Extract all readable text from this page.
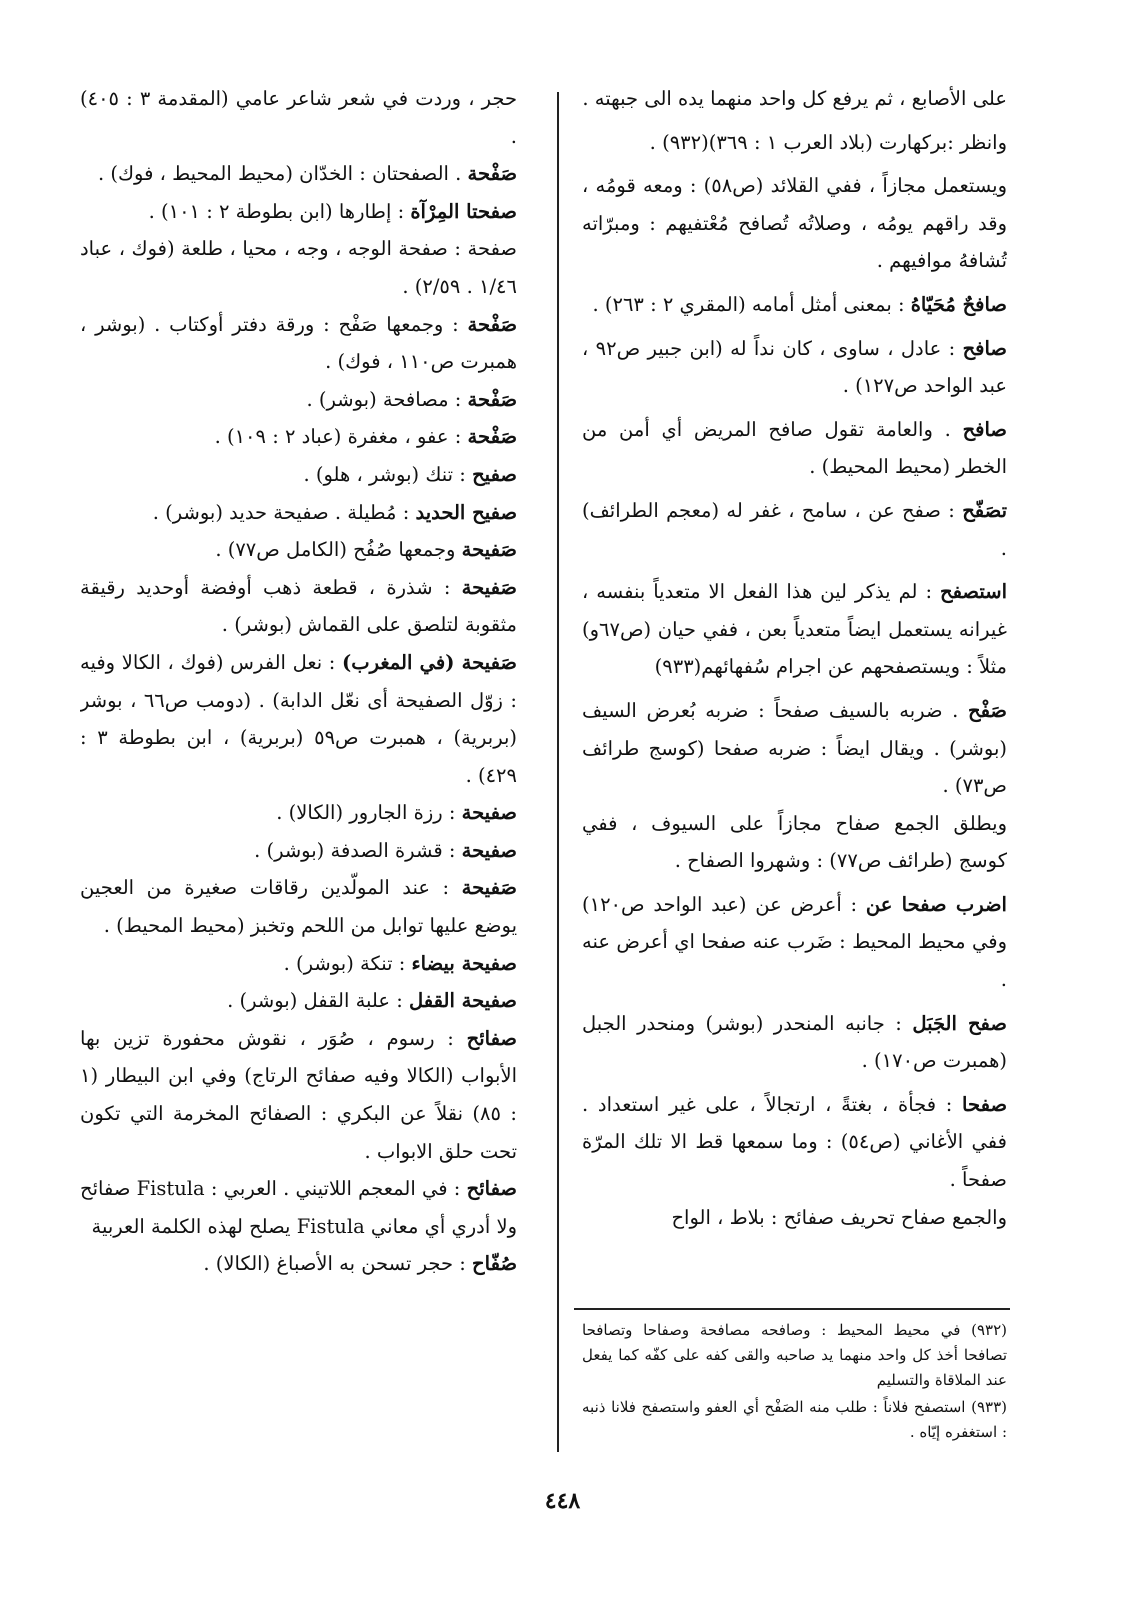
على الأصابع ، ثم يرفع كل واحد منهما يده الى جبهته .

وانظر :بركهارت (بلاد العرب ١ : ٣٦٩)(٩٣٢) .

ويستعمل مجازاً ، ففي القلائد (ص٥٨) : ومعه قومُه ، وقد راقهم يومُه ، وصلاتُه تُصافح مُعْتفيهم : ومبرّاته تُشافهُ موافيهم .

صافحٌ مُحَيّاهُ : بمعنى أمثل أمامه (المقري ٢ : ٢٦٣) .

صافح : عادل ، ساوى ، كان نداً له (ابن جبير ص٩٢ ، عبد الواحد ص١٢٧) .

صافح . والعامة تقول صافح المريض أي أمن من الخطر (محيط المحيط) .

تصَفّح : صفح عن ، سامح ، غفر له (معجم الطرائف) .

استصفح : لم يذكر لين هذا الفعل الا متعدياً بنفسه ، غيرانه يستعمل ايضاً متعدياً بعن ، ففي حيان (ص٦٧و) مثلاً : ويستصفحهم عن اجرام سُفهائهم(٩٣٣)

صَفْح . ضربه بالسيف صفحاً : ضربه بُعرض السيف (بوشر) . ويقال ايضاً : ضربه صفحا (كوسج طرائف ص٧٣) .

ويطلق الجمع صفاح مجازاً على السيوف ، ففي كوسج (طرائف ص٧٧) : وشهروا الصفاح .

اضرب صفحا عن : أعرض عن (عبد الواحد ص١٢٠) وفي محيط المحيط : ضَرب عنه صفحا اي أعرض عنه .

صفح الجَبَل : جانبه المنحدر (بوشر) ومنحدر الجبل (همبرت ص١٧٠) .

صفحا : فجأة ، بغتةً ، ارتجالاً ، على غير استعداد . ففي الأغاني (ص٥٤) : وما سمعها قط الا تلك المرّة صفحاً .

والجمع صفاح تحريف صفائح : بلاط ، الواح

حجر ، وردت في شعر شاعر عامي (المقدمة ٣ : ٤٠٥) .

صَفْحة . الصفحتان : الخدّان (محيط المحيط ، فوك) .

صفحتا المِرْآة : إطارها (ابن بطوطة ٢ : ١٠١) .

صفحة : صفحة الوجه ، وجه ، محيا ، طلعة (فوك ، عباد ١/٤٦ . ٢/٥٩) .

صَفْحة : وجمعها صَفْح : ورقة دفتر أوكتاب . (بوشر ، همبرت ص١١٠ ، فوك) .

صَفْحة : مصافحة (بوشر) .

صَفْحة : عفو ، مغفرة (عباد ٢ : ١٠٩) .

صفيح : تنك (بوشر ، هلو) .

صفيح الحديد : مُطيلة . صفيحة حديد (بوشر) .

صَفيحة وجمعها صُفُح (الكامل ص٧٧) .

صَفيحة : شذرة ، قطعة ذهب أوفضة أوحديد رقيقة مثقوبة لتلصق على القماش (بوشر) .

صَفيحة (في المغرب) : نعل الفرس (فوك ، الكالا وفيه : زوّل الصفيحة أى نعّل الدابة) . (دومب ص٦٦ ، بوشر (بربرية) ، همبرت ص٥٩ (بربرية) ، ابن بطوطة ٣ : ٤٢٩) .

صفيحة : رزة الجارور (الكالا) .

صفيحة : قشرة الصدفة (بوشر) .

صَفيحة : عند المولّدين رقاقات صغيرة من العجين يوضع عليها توابل من اللحم وتخبز (محيط المحيط) .

صفيحة بيضاء : تنكة (بوشر) .

صفيحة القفل : علبة القفل (بوشر) .

صفائح : رسوم ، صُوَر ، نقوش محفورة تزين بها الأبواب (الكالا وفيه صفائح الرتاج) وفي ابن البيطار (١ : ٨٥) نقلاً عن البكري : الصفائح المخرمة التي تكون تحت حلق الابواب .

صفائح : في المعجم اللاتيني . العربي : Fistula صفائح ولا أدري أي معاني Fistula يصلح لهذه الكلمة العربية

صُفّاح : حجر تسحن به الأصباغ (الكالا) .

(٩٣٢) في محيط المحيط : وصافحه مصافحة وصفاحا وتصافحا تصافحا أخذ كل واحد منهما يد صاحبه والقى كفه على كفّه كما يفعل عند الملاقاة والتسليم

(٩٣٣) استصفح فلاناً : طلب منه الصَفْح أي العفو واستصفح فلانا ذنبه : استغفره إيّاه .

٤٤٨
